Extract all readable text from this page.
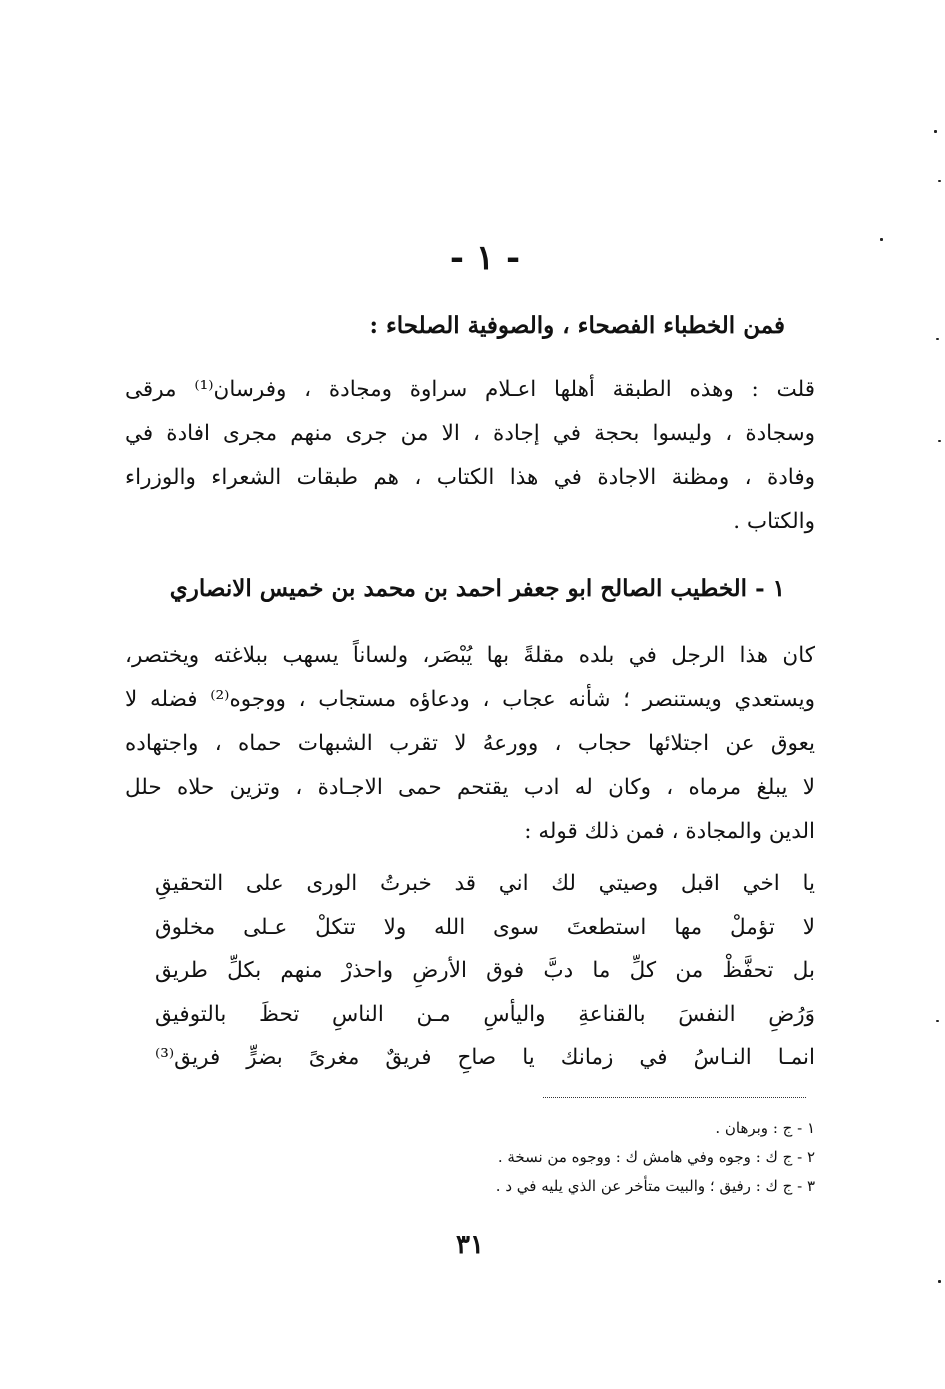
- ١ -
فمن الخطباء الفصحاء ، والصوفية الصلحاء :
قلت : وهذه الطبقة أهلها اعـلام سراوة ومجادة ، وفرسان⁽¹⁾ مرقى
وسجادة ، وليسوا بحجة في إجادة ، الا من جرى منهم مجرى افادة في
وفادة ، ومظنة الاجادة في هذا الكتاب ، هم طبقات الشعراء والوزراء
والكتاب .
١ - الخطيب الصالح ابو جعفر احمد بن محمد بن خميس الانصاري
كان هذا الرجل في بلده مقلةً بها يُبْصَر، ولساناً يسهب ببلاغته ويختصر،
ويستعدي ويستنصر ؛ شأنه عجاب ، ودعاؤه مستجاب ، ووجوه⁽²⁾ فضله لا
يعوق عن اجتلائها حجاب ، وورعهُ لا تقرب الشبهات حماه ، واجتهاده
لا يبلغ مرماه ، وكان له ادب يقتحم حمى الاجـادة ، وتزين حلاه حلل
الدين والمجادة ، فمن ذلك قوله :
يا اخي اقبل وصيتي لك اني قد خبرتُ الورى على التحقيقِ
لا تؤملْ مها استطعتَ سوى الله ولا تتكلْ عـلى مخلوق
بل تحفَّظْ من كلِّ ما دبَّ فوق الأرضِ واحذرْ منهم بكلِّ طريق
وَرُضِ النفسَ بالقناعةِ واليأسِ مـن الناسِ تحظَ بالتوفيق
انمـا النـاسُ في زمانك يا صاحِ فريقٌ مغرىً بضرٍّ فريق⁽³⁾
١ - ج : وبرهان .
٢ - ج ك : وجوه وفي هامش ك : ووجوه من نسخة .
٣ - ج ك : رفيق ؛ والبيت متأخر عن الذي يليه في د .
٣١
